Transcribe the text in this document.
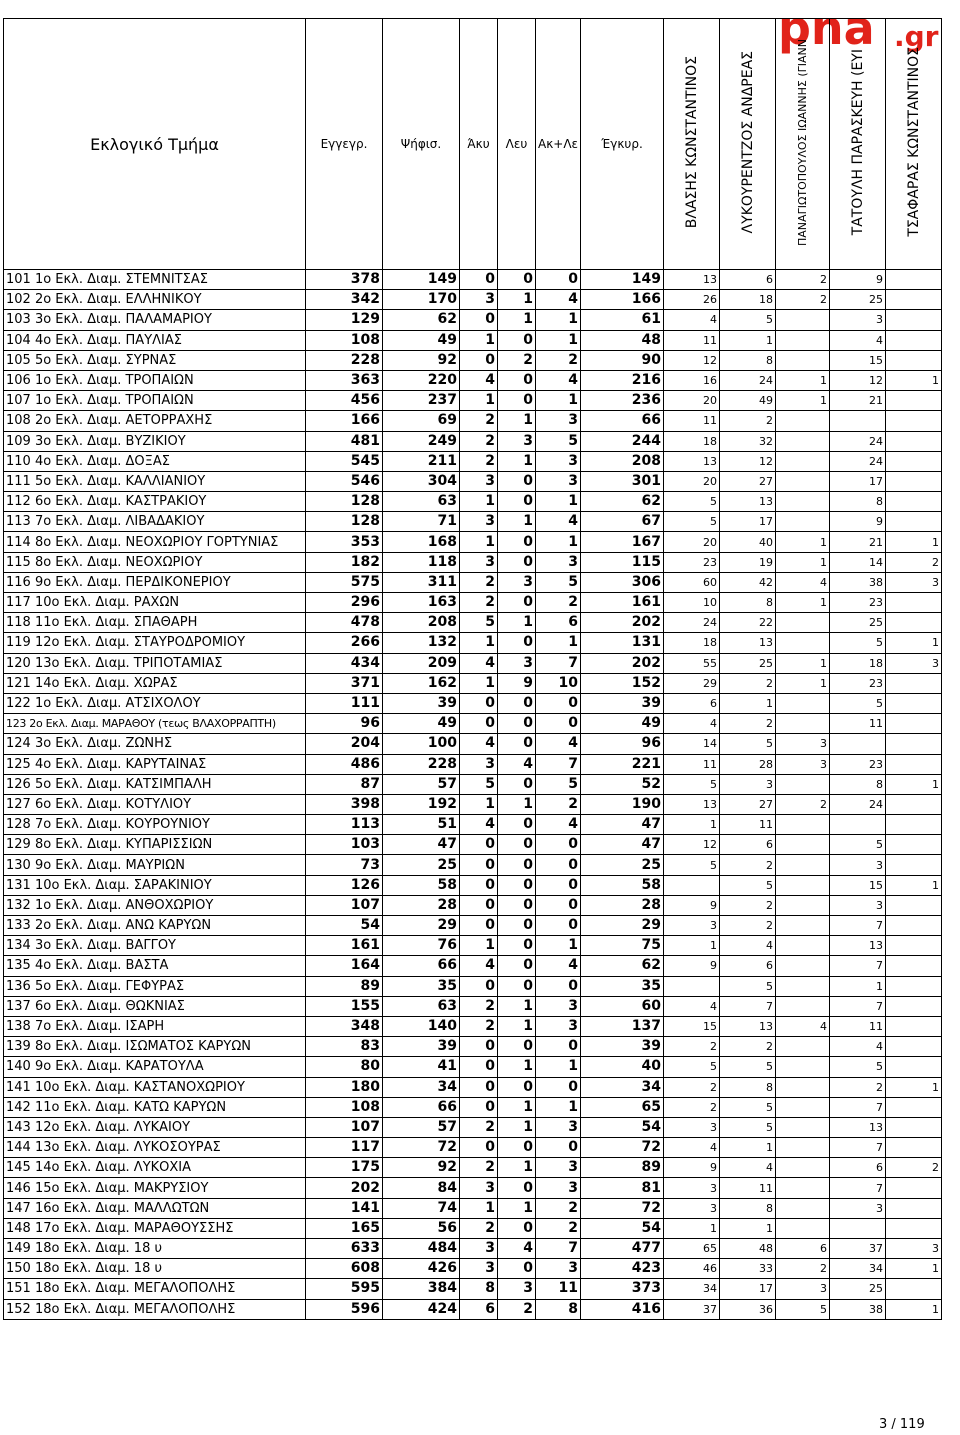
pna .gr
Εκλογικό Τμήμα	Εγγεγρ.	Ψήφισ.	Άκυ	Λευ	Ακ+Λε	Έγκυρ.	ΒΛΑΣΗΣ ΚΩΝΣΤΑΝΤΙΝΟΣ	ΛΥΚΟΥΡΕΝΤΖΟΣ ΑΝΔΡΕΑΣ	ΠΑΝΑΓΙΩΤΟΠΟΥΛΟΣ ΙΩΑΝΝΗΣ (ΓΙΑΝΝ	ΤΑΤΟΥΛΗ ΠΑΡΑΣΚΕΥΗ (ΕΥΙ	ΤΣΑΦΑΡΑΣ ΚΩΝΣΤΑΝΤΙΝΟΣ
101 1ο Εκλ. Διαμ. ΣΤΕΜΝΙΤΣΑΣ	378	149	0	0	0	149	13	6	2	9	
102 2ο Εκλ. Διαμ. ΕΛΛΗΝΙΚΟΥ	342	170	3	1	4	166	26	18	2	25	
103 3ο Εκλ. Διαμ. ΠΑΛΑΜΑΡΙΟΥ	129	62	0	1	1	61	4	5		3	
104 4ο Εκλ. Διαμ. ΠΑΥΛΙΑΣ	108	49	1	0	1	48	11	1		4	
105 5ο Εκλ. Διαμ. ΣΥΡΝΑΣ	228	92	0	2	2	90	12	8		15	
106 1ο Εκλ. Διαμ. ΤΡΟΠΑΙΩΝ	363	220	4	0	4	216	16	24	1	12	1
107 1ο Εκλ. Διαμ. ΤΡΟΠΑΙΩΝ	456	237	1	0	1	236	20	49	1	21	
108 2ο Εκλ. Διαμ. ΑΕΤΟΡΡΑΧΗΣ	166	69	2	1	3	66	11	2			
109 3ο Εκλ. Διαμ. ΒΥΖΙΚΙΟΥ	481	249	2	3	5	244	18	32		24	
110 4ο Εκλ. Διαμ. ΔΟΞΑΣ	545	211	2	1	3	208	13	12		24	
111 5ο Εκλ. Διαμ. ΚΑΛΛΙΑΝΙΟΥ	546	304	3	0	3	301	20	27		17	
112 6ο Εκλ. Διαμ. ΚΑΣΤΡΑΚΙΟΥ	128	63	1	0	1	62	5	13		8	
113 7ο Εκλ. Διαμ. ΛΙΒΑΔΑΚΙΟΥ	128	71	3	1	4	67	5	17		9	
114 8ο Εκλ. Διαμ. ΝΕΟΧΩΡΙΟΥ ΓΟΡΤΥΝΙΑΣ	353	168	1	0	1	167	20	40	1	21	1
115 8ο Εκλ. Διαμ. ΝΕΟΧΩΡΙΟΥ	182	118	3	0	3	115	23	19	1	14	2
116 9ο Εκλ. Διαμ. ΠΕΡΔΙΚΟΝΕΡΙΟΥ	575	311	2	3	5	306	60	42	4	38	3
117 10ο Εκλ. Διαμ. ΡΑΧΩΝ	296	163	2	0	2	161	10	8	1	23	
118 11ο Εκλ. Διαμ. ΣΠΑΘΑΡΗ	478	208	5	1	6	202	24	22		25	
119 12ο Εκλ. Διαμ. ΣΤΑΥΡΟΔΡΟΜΙΟΥ	266	132	1	0	1	131	18	13		5	1
120 13ο Εκλ. Διαμ. ΤΡΙΠΟΤΑΜΙΑΣ	434	209	4	3	7	202	55	25	1	18	3
121 14ο Εκλ. Διαμ. ΧΩΡΑΣ	371	162	1	9	10	152	29	2	1	23	
122 1ο Εκλ. Διαμ. ΑΤΣΙΧΟΛΟΥ	111	39	0	0	0	39	6	1		5	
123 2ο Εκλ. Διαμ. ΜΑΡΑΘΟΥ (τεως ΒΛΑΧΟΡΡΑΠΤΗ)	96	49	0	0	0	49	4	2		11	
124 3ο Εκλ. Διαμ. ΖΩΝΗΣ	204	100	4	0	4	96	14	5	3		
125 4ο Εκλ. Διαμ. ΚΑΡΥΤΑΙΝΑΣ	486	228	3	4	7	221	11	28	3	23	
126 5ο Εκλ. Διαμ. ΚΑΤΣΙΜΠΑΛΗ	87	57	5	0	5	52	5	3		8	1
127 6ο Εκλ. Διαμ. ΚΟΤΥΛΙΟΥ	398	192	1	1	2	190	13	27	2	24	
128 7ο Εκλ. Διαμ. ΚΟΥΡΟΥΝΙΟΥ	113	51	4	0	4	47	1	11			
129 8ο Εκλ. Διαμ. ΚΥΠΑΡΙΣΣΙΩΝ	103	47	0	0	0	47	12	6		5	
130 9ο Εκλ. Διαμ. ΜΑΥΡΙΩΝ	73	25	0	0	0	25	5	2		3	
131 10ο Εκλ. Διαμ. ΣΑΡΑΚΙΝΙΟΥ	126	58	0	0	0	58		5		15	1
132 1ο Εκλ. Διαμ. ΑΝΘΟΧΩΡΙΟΥ	107	28	0	0	0	28	9	2		3	
133 2ο Εκλ. Διαμ. ΑΝΩ ΚΑΡΥΩΝ	54	29	0	0	0	29	3	2		7	
134 3ο Εκλ. Διαμ. ΒΑΓΓΟΥ	161	76	1	0	1	75	1	4		13	
135 4ο Εκλ. Διαμ. ΒΑΣΤΑ	164	66	4	0	4	62	9	6		7	
136 5ο Εκλ. Διαμ. ΓΕΦΥΡΑΣ	89	35	0	0	0	35		5		1	
137 6ο Εκλ. Διαμ. ΘΩΚΝΙΑΣ	155	63	2	1	3	60	4	7		7	
138 7ο Εκλ. Διαμ. ΙΣΑΡΗ	348	140	2	1	3	137	15	13	4	11	
139 8ο Εκλ. Διαμ. ΙΣΩΜΑΤΟΣ ΚΑΡΥΩΝ	83	39	0	0	0	39	2	2		4	
140 9ο Εκλ. Διαμ. ΚΑΡΑΤΟΥΛΑ	80	41	0	1	1	40	5	5		5	
141 10ο Εκλ. Διαμ. ΚΑΣΤΑΝΟΧΩΡΙΟΥ	180	34	0	0	0	34	2	8		2	1
142 11ο Εκλ. Διαμ. ΚΑΤΩ ΚΑΡΥΩΝ	108	66	0	1	1	65	2	5		7	
143 12ο Εκλ. Διαμ. ΛΥΚΑΙΟΥ	107	57	2	1	3	54	3	5		13	
144 13ο Εκλ. Διαμ. ΛΥΚΟΣΟΥΡΑΣ	117	72	0	0	0	72	4	1		7	
145 14ο Εκλ. Διαμ. ΛΥΚΟΧΙΑ	175	92	2	1	3	89	9	4		6	2
146 15ο Εκλ. Διαμ. ΜΑΚΡΥΣΙΟΥ	202	84	3	0	3	81	3	11		7	
147 16ο Εκλ. Διαμ. ΜΑΛΛΩΤΩΝ	141	74	1	1	2	72	3	8		3	
148 17ο Εκλ. Διαμ. ΜΑΡΑΘΟΥΣΣΗΣ	165	56	2	0	2	54	1	1			
149 18ο Εκλ. Διαμ. 18 υ	633	484	3	4	7	477	65	48	6	37	3
150 18ο Εκλ. Διαμ. 18 υ	608	426	3	0	3	423	46	33	2	34	1
151 18ο Εκλ. Διαμ. ΜΕΓΑΛΟΠΟΛΗΣ	595	384	8	3	11	373	34	17	3	25	
152 18ο Εκλ. Διαμ. ΜΕΓΑΛΟΠΟΛΗΣ	596	424	6	2	8	416	37	36	5	38	1
3 / 119
